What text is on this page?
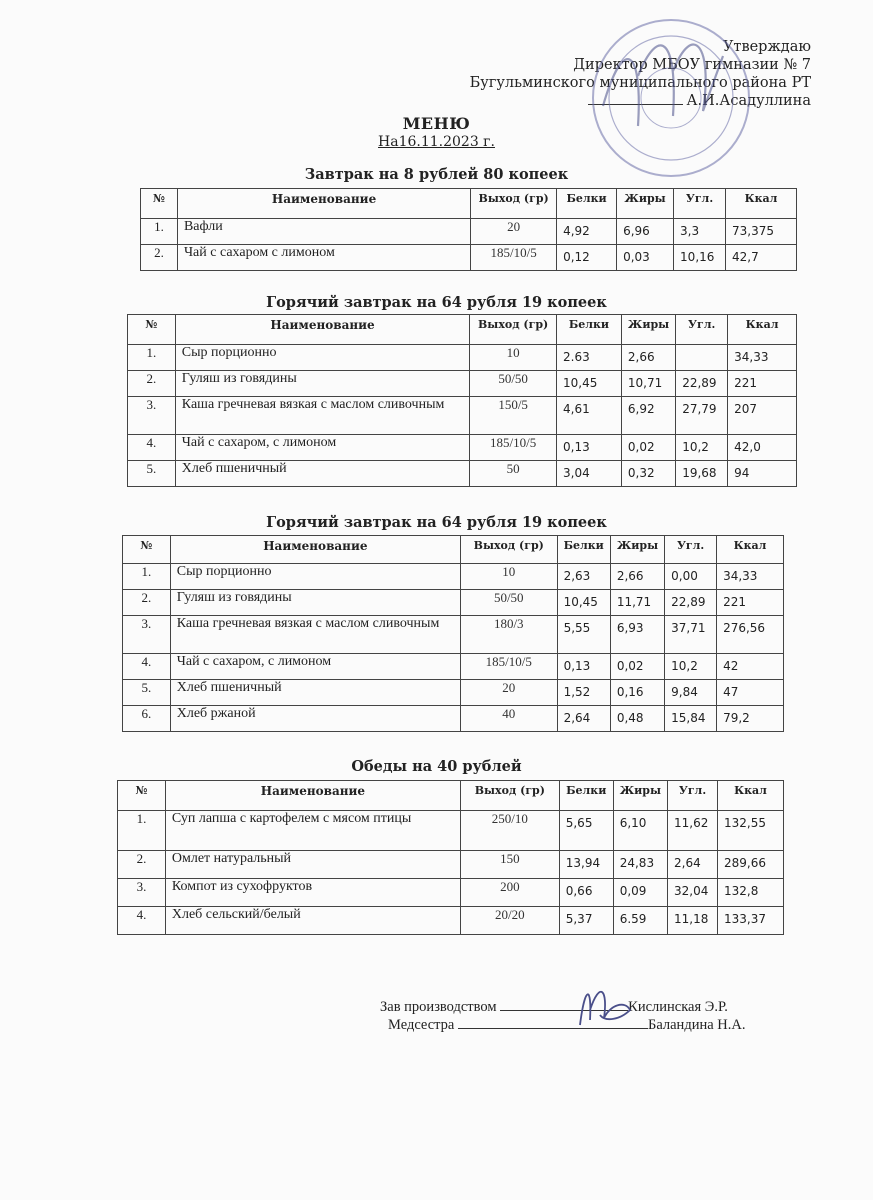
Утверждаю
Директор МБОУ гимназии № 7
Бугульминского муниципального района РТ
А.И.Асадуллина
МЕНЮ
На16.11.2023 г.
Завтрак на 8 рублей 80 копеек
№	Наименование	Выход (гр)	Белки	Жиры	Угл.	Ккал
1.	Вафли	20	4,92	6,96	3,3	73,375
2.	Чай с сахаром с лимоном	185/10/5	0,12	0,03	10,16	42,7
Горячий завтрак на 64 рубля 19 копеек
№	Наименование	Выход (гр)	Белки	Жиры	Угл.	Ккал
1.	Сыр порционно	10	2.63	2,66		34,33
2.	Гуляш из говядины	50/50	10,45	10,71	22,89	221
3.	Каша гречневая вязкая с маслом сливочным	150/5	4,61	6,92	27,79	207
4.	Чай с сахаром, с лимоном	185/10/5	0,13	0,02	10,2	42,0
5.	Хлеб пшеничный	50	3,04	0,32	19,68	94
Горячий завтрак на 64 рубля 19 копеек
№	Наименование	Выход (гр)	Белки	Жиры	Угл.	Ккал
1.	Сыр порционно	10	2,63	2,66	0,00	34,33
2.	Гуляш из говядины	50/50	10,45	11,71	22,89	221
3.	Каша гречневая вязкая с маслом сливочным	180/3	5,55	6,93	37,71	276,56
4.	Чай с сахаром, с лимоном	185/10/5	0,13	0,02	10,2	42
5.	Хлеб пшеничный	20	1,52	0,16	9,84	47
6.	Хлеб ржаной	40	2,64	0,48	15,84	79,2
Обеды на 40 рублей
№	Наименование	Выход (гр)	Белки	Жиры	Угл.	Ккал
1.	Суп лапша с картофелем с мясом птицы	250/10	5,65	6,10	11,62	132,55
2.	Омлет натуральный	150	13,94	24,83	2,64	289,66
3.	Компот из сухофруктов	200	0,66	0,09	32,04	132,8
4.	Хлеб сельский/белый	20/20	5,37	6.59	11,18	133,37
Зав производством	Кислинская Э.Р.
Медсестра	Баландина Н.А.
